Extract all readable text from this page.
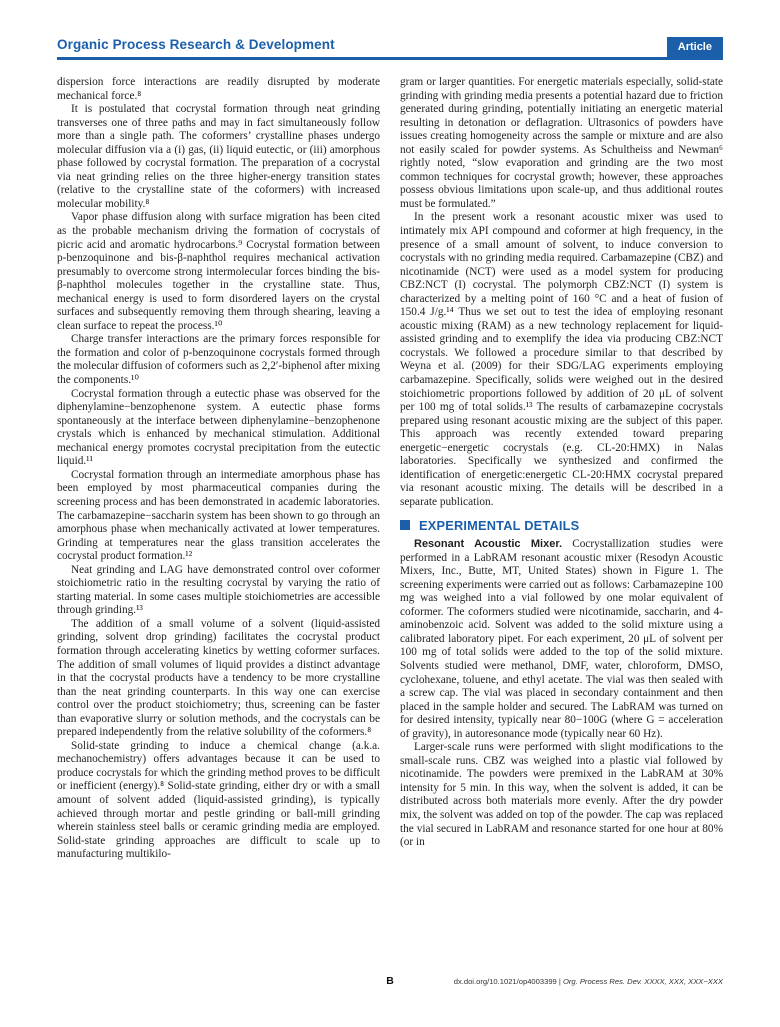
Organic Process Research & Development	Article

dispersion force interactions are readily disrupted by moderate mechanical force.⁸

It is postulated that cocrystal formation through neat grinding transverses one of three paths and may in fact simultaneously follow more than a single path. The coformers’ crystalline phases undergo molecular diffusion via a (i) gas, (ii) liquid eutectic, or (iii) amorphous phase followed by cocrystal formation. The preparation of a cocrystal via neat grinding relies on the three higher-energy transition states (relative to the crystalline state of the coformers) with increased molecular mobility.⁸

Vapor phase diffusion along with surface migration has been cited as the probable mechanism driving the formation of cocrystals of picric acid and aromatic hydrocarbons.⁹ Cocrystal formation between p-benzoquinone and bis-β-naphthol requires mechanical activation presumably to overcome strong intermolecular forces binding the bis-β-naphthol molecules together in the crystalline state. Thus, mechanical energy is used to form disordered layers on the crystal surfaces and subsequently removing them through shearing, leaving a clean surface to repeat the process.¹⁰

Charge transfer interactions are the primary forces responsible for the formation and color of p-benzoquinone cocrystals formed through the molecular diffusion of coformers such as 2,2′-biphenol after mixing the components.¹⁰

Cocrystal formation through a eutectic phase was observed for the diphenylamine−benzophenone system. A eutectic phase forms spontaneously at the interface between diphenylamine−benzophenone crystals which is enhanced by mechanical stimulation. Additional mechanical energy promotes cocrystal precipitation from the eutectic liquid.¹¹

Cocrystal formation through an intermediate amorphous phase has been employed by most pharmaceutical companies during the screening process and has been demonstrated in academic laboratories. The carbamazepine−saccharin system has been shown to go through an amorphous phase when mechanically activated at lower temperatures. Grinding at temperatures near the glass transition accelerates the cocrystal product formation.¹²

Neat grinding and LAG have demonstrated control over coformer stoichiometric ratio in the resulting cocrystal by varying the ratio of starting material. In some cases multiple stoichiometries are accessible through grinding.¹³

The addition of a small volume of a solvent (liquid-assisted grinding, solvent drop grinding) facilitates the cocrystal product formation through accelerating kinetics by wetting coformer surfaces. The addition of small volumes of liquid provides a distinct advantage in that the cocrystal products have a tendency to be more crystalline than the neat grinding counterparts. In this way one can exercise control over the product stoichiometry; thus, screening can be faster than evaporative slurry or solution methods, and the cocrystals can be prepared independently from the relative solubility of the coformers.⁸

Solid-state grinding to induce a chemical change (a.k.a. mechanochemistry) offers advantages because it can be used to produce cocrystals for which the grinding method proves to be difficult or inefficient (energy).⁸ Solid-state grinding, either dry or with a small amount of solvent added (liquid-assisted grinding), is typically achieved through mortar and pestle grinding or ball-mill grinding wherein stainless steel balls or ceramic grinding media are employed. Solid-state grinding approaches are difficult to scale up to manufacturing multikilo-

gram or larger quantities. For energetic materials especially, solid-state grinding with grinding media presents a potential hazard due to friction generated during grinding, potentially initiating an energetic material resulting in detonation or deflagration. Ultrasonics of powders have issues creating homogeneity across the sample or mixture and are also not easily scaled for powder systems. As Schultheiss and Newman⁶ rightly noted, “slow evaporation and grinding are the two most common techniques for cocrystal growth; however, these approaches possess obvious limitations upon scale-up, and thus additional routes must be formulated.”

In the present work a resonant acoustic mixer was used to intimately mix API compound and coformer at high frequency, in the presence of a small amount of solvent, to induce conversion to cocrystals with no grinding media required. Carbamazepine (CBZ) and nicotinamide (NCT) were used as a model system for producing CBZ:NCT (I) cocrystal. The polymorph CBZ:NCT (I) system is characterized by a melting point of 160 °C and a heat of fusion of 150.4 J/g.¹⁴ Thus we set out to test the idea of employing resonant acoustic mixing (RAM) as a new technology replacement for liquid-assisted grinding and to exemplify the idea via producing CBZ:NCT cocrystals. We followed a procedure similar to that described by Weyna et al. (2009) for their SDG/LAG experiments employing carbamazepine. Specifically, solids were weighed out in the desired stoichiometric proportions followed by addition of 20 μL of solvent per 100 mg of total solids.¹³ The results of carbamazepine cocrystals prepared using resonant acoustic mixing are the subject of this paper. This approach was recently extended toward preparing energetic−energetic cocrystals (e.g. CL-20:HMX) in Nalas laboratories. Specifically we synthesized and confirmed the identification of energetic:energetic CL-20:HMX cocrystal prepared via resonant acoustic mixing. The details will be described in a separate publication.

EXPERIMENTAL DETAILS

Resonant Acoustic Mixer. Cocrystallization studies were performed in a LabRAM resonant acoustic mixer (Resodyn Acoustic Mixers, Inc., Butte, MT, United States) shown in Figure 1. The screening experiments were carried out as follows: Carbamazepine 100 mg was weighed into a vial followed by one molar equivalent of coformer. The coformers studied were nicotinamide, saccharin, and 4-aminobenzoic acid. Solvent was added to the solid mixture using a calibrated laboratory pipet. For each experiment, 20 μL of solvent per 100 mg of total solids were added to the top of the solid mixture. Solvents studied were methanol, DMF, water, chloroform, DMSO, cyclohexane, toluene, and ethyl acetate. The vial was then sealed with a screw cap. The vial was placed in secondary containment and then placed in the sample holder and secured. The LabRAM was turned on for desired intensity, typically near 80−100G (where G = acceleration of gravity), in autoresonance mode (typically near 60 Hz).

Larger-scale runs were performed with slight modifications to the small-scale runs. CBZ was weighed into a plastic vial followed by nicotinamide. The powders were premixed in the LabRAM at 30% intensity for 5 min. In this way, when the solvent is added, it can be distributed across both materials more evenly. After the dry powder mix, the solvent was added on top of the powder. The cap was replaced the vial secured in LabRAM and resonance started for one hour at 80% (or in

B	dx.doi.org/10.1021/op4003399 | Org. Process Res. Dev. XXXX, XXX, XXX−XXX
